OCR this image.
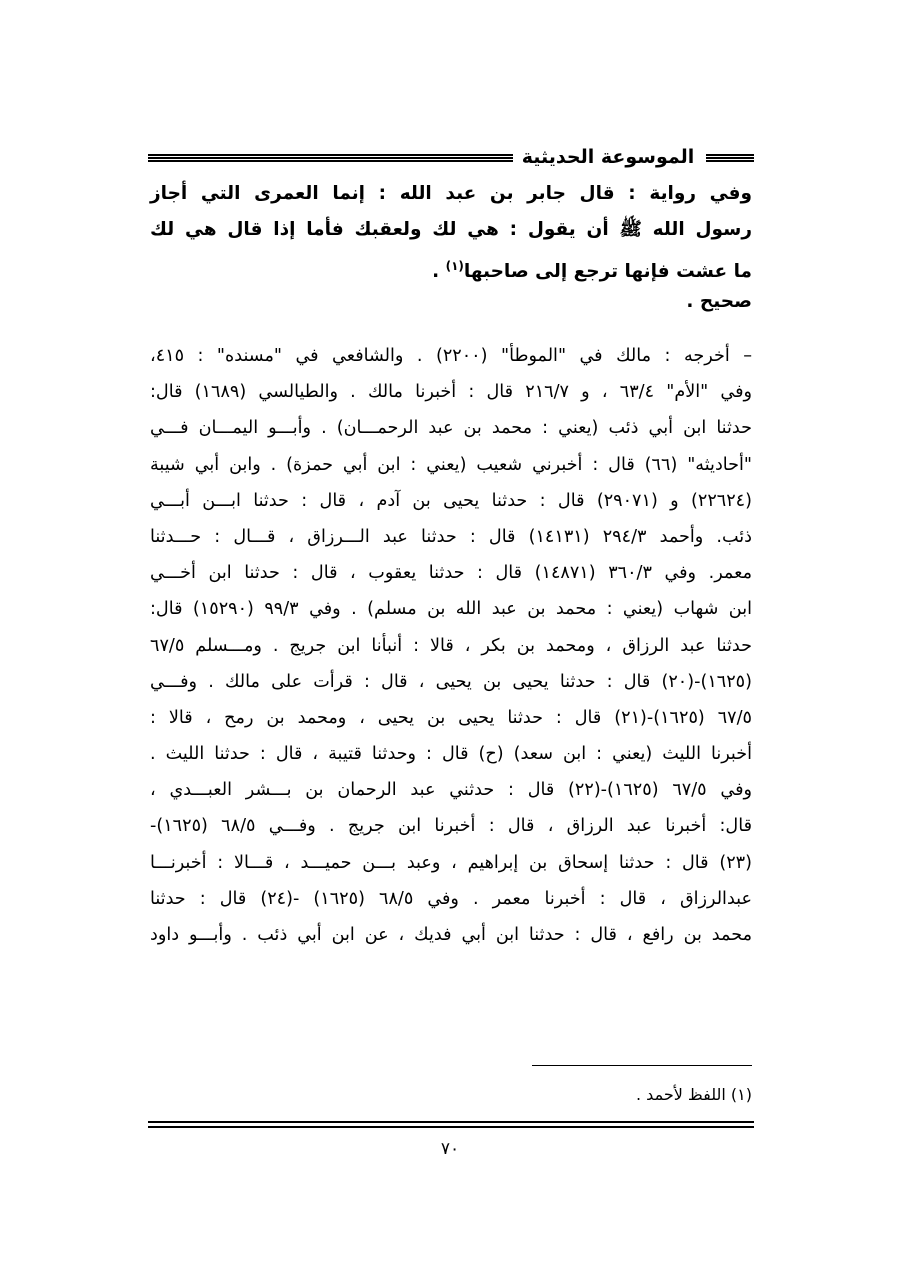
الموسوعة الحديثية
وفي رواية : قال جابر بن عبد الله : إنما العمرى التي أجاز
رسول الله ﷺ أن يقول : هي لك ولعقبك فأما إذا قال هي لك
ما عشت فإنها ترجع إلى صاحبها$^{(١)}$ .
صحيح .
– أخرجه : مالك في "الموطأ" (٢٢٠٠) . والشافعي في "مسنده" : ٤١٥،
وفي "الأم" ٦٣/٤ ، و ٢١٦/٧ قال : أخبرنا مالك . والطيالسي (١٦٨٩) قال:
حدثنا ابن أبي ذئب (يعني : محمد بن عبد الرحمـــان) . وأبـــو اليمـــان فـــي
"أحاديثه" (٦٦) قال : أخبرني شعيب (يعني : ابن أبي حمزة) . وابن أبي شيبة
(٢٢٦٢٤) و (٢٩٠٧١) قال : حدثنا يحيى بن آدم ، قال : حدثنا ابـــن أبـــي
ذئب. وأحمد ٢٩٤/٣ (١٤١٣١) قال : حدثنا عبد الـــرزاق ، قـــال : حـــدثنا
معمر. وفي ٣٦٠/٣ (١٤٨٧١) قال : حدثنا يعقوب ، قال : حدثنا ابن أخـــي
ابن شهاب (يعني : محمد بن عبد الله بن مسلم) . وفي ٩٩/٣ (١٥٢٩٠) قال:
حدثنا عبد الرزاق ، ومحمد بن بكر ، قالا : أنبأنا ابن جريج . ومـــسلم ٦٧/٥
(١٦٢٥)-(٢٠) قال : حدثنا يحيى بن يحيى ، قال : قرأت على مالك . وفـــي
٦٧/٥ (١٦٢٥)-(٢١) قال : حدثنا يحيى بن يحيى ، ومحمد بن رمح ، قالا :
أخبرنا الليث (يعني : ابن سعد) (ح) قال : وحدثنا قتيبة ، قال : حدثنا الليث .
وفي ٦٧/٥ (١٦٢٥)-(٢٢) قال : حدثني عبد الرحمان بن بـــشر العبـــدي ،
قال: أخبرنا عبد الرزاق ، قال : أخبرنا ابن جريج . وفـــي ٦٨/٥ (١٦٢٥)-
(٢٣) قال : حدثنا إسحاق بن إبراهيم ، وعبد بـــن حميـــد ، قـــالا : أخبرنـــا
عبدالرزاق ، قال : أخبرنا معمر . وفي ٦٨/٥ (١٦٢٥) -(٢٤) قال : حدثنا
محمد بن رافع ، قال : حدثنا ابن أبي فديك ، عن ابن أبي ذئب . وأبـــو داود
(١) اللفظ لأحمد .
٧٠
